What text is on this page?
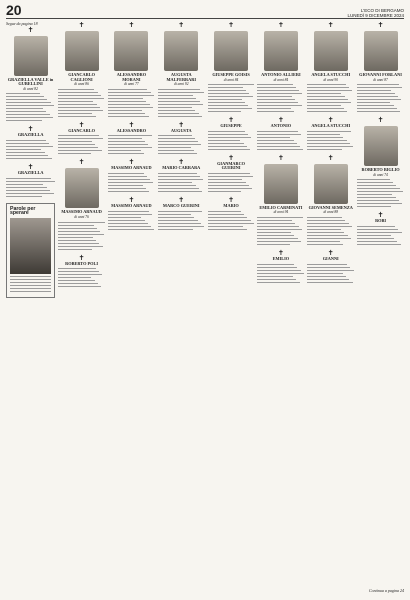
20	L'ECO DI BERGAMO
LUNEDÌ 9 DICEMBRE 2024
Segue da pagina 18
✝
GRAZIELLA VALLE in GUBELLINI
di anni 82
✝
GRAZIELLA
✝
GRAZIELLA
Parole per sperare
✝
GIANCARLO CAGLIONI
di anni 86
✝
GIANCARLO
✝
MASSIMO ARNAUD
di anni 76
✝
ROBERTO POLI
✝
ALESSANDRO MORANI
di anni 77
✝
ALESSANDRO
✝
MASSIMO ARNAUD
✝
MASSIMO ARNAUD
✝
AUGUSTA MALFERRARI
di anni 92
✝
AUGUSTA
✝
MARIO CARRARA
✝
MARCO GUERINI
✝
GIUSEPPE GOISIS
di anni 84
✝
GIUSEPPE
✝
GIANMARCO GUERINI
✝
MARIO
✝
ANTONIO ALLIERI
di anni 84
✝
ANTONIO
✝
EMILIO CARMINATI
di anni 94
✝
EMILIO
✝
ANGELA STUCCHI
di anni 90
✝
ANGELA STUCCHI
✝
GIOVANNI SEMENZA
di anni 88
✝
GIANNI
✝
GIOVANNI FORLANI
di anni 87
✝
ROBERTO BIGLIO
di anni 74
✝
ROBI
Continua a pagina 24
